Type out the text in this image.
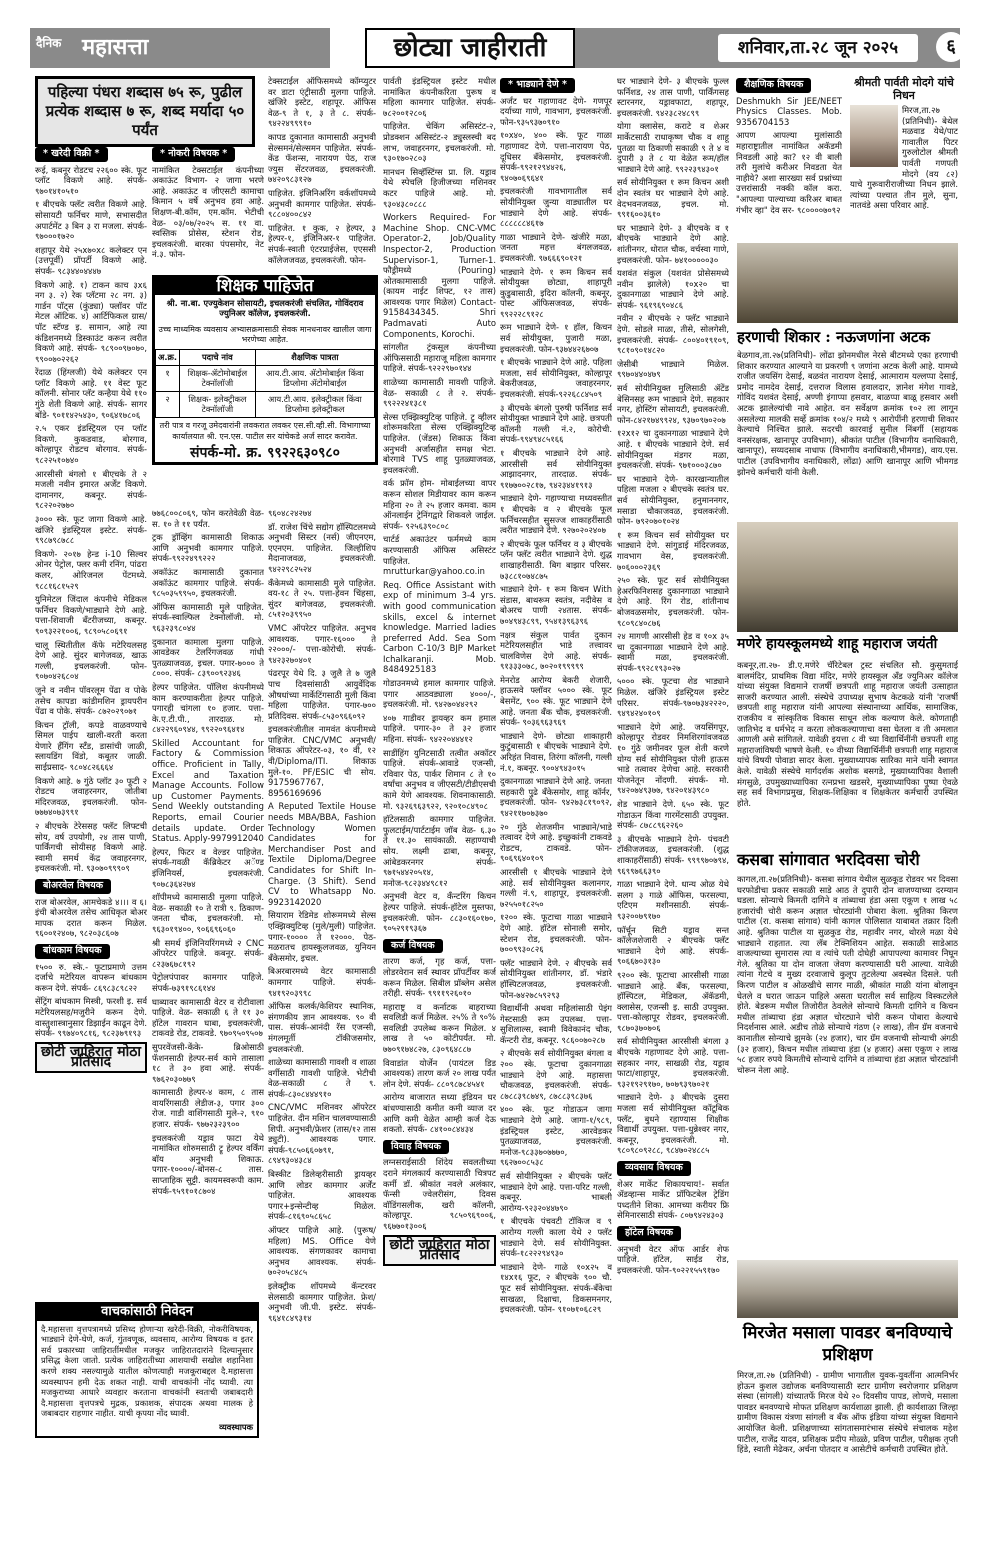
दैनिक महासत्ता	छोट्या जाहीराती	शनिवार,ता.२८ जून २०२५	६
पहिल्या पंधरा शब्दास ७५ रू, पुढील प्रत्येक शब्दास ७ रू, शब्द मर्यादा ५० पर्यंत
* खरेदी विक्री *

रूई, कबनूर रोडटच २२६०० स्के. फूट प्लॉट विकणे आहे. संपर्क- ९७०१४१०५१०

१ बीएचके फ्लॅट त्वरीत विकणे आहे. सोसायटी फर्निचर माणे, सभासदीत अपार्टमेंट ३ बिन ३ रा मजला. संपर्क- ९७०००१७२०

शहापूर येथे २५x७०x८ कलेक्टर एन (उत्तपूर्वी) प्रॉपर्टी विकणे आहे. संपर्क- ९८३४४०४४४७

विकणे आहे. १) टाकन काच ३x६ नग ३. २) रेक प्लॅटमा २८ नग. ३) गार्डन पॉट्स (कुंड्या) फ्लॉवर पॉट मेटल ऑटिक. ४) आर्टिफिकल ग्रास/पॉट स्टॅण्ड इ. सामान, आहे त्या कंडिशनमध्ये डिस्काउंट करून त्वरीत विकणे आहे. संपर्क- ९८९००९७०७०, ९९००७०२२६२

रेंदाळ (हिंग्लजी) येथे कलेक्टर एन प्लॉट विकणे आहे. ११ वेस्ट फूट कॉलनी. सोनार प्लॅट कन्हैया येथे ११० गुंठे शेती विकणे आहे. संपर्क- सागर बोंडे- ९०११४२५४३०, ९०६४१७८०६

२.५ एकर इंडस्ट्रियल एन प्लॉट विकणे. कुकडवाड, बोरगाव, कोल्हापूर रोडटच बोरगाव. संपर्क- ९८२२५१०७४०

आरसीसी बंगलो १ बीएचके ते २ मजली नवीन इमारत अर्जेंट विकणे. दामानगर, कबनूर. संपर्क- ९८२२०२७७०

३००० स्के. फूट जागा विकणे आहे. खंजिरे इंडस्ट्रियल इस्टेट. संपर्क- ९९८७९८७८८

विकणे- २०१७ हेन्ड i-10 सिल्वर ओनर पेट्रोल, फ्लर कमी रनिंग, पांढरा कलर, ओरिजनल पेंटमध्ये. ९८८१६८१५२९

युनिमेटल जिंदाल कंपनीचे मेडिकल फर्निचर विकणे/भाड्याने देणे आहे. पत्ता-शिवाजी बँटरीजच्या, कबनूर. ९०९३२२१००६, ९८९०५८०६९१

चालू स्थितीतील कॅफे मटेरियलसह देणे आहे. सुंदर बागेजवळ, खाऊ गल्ली, इचलकरंजी. फोन- ९०७०४२६८०४

जुने व नवीन पॉवरलूम पेंढा व पोके तसेच कापडा कांडीमशिन ड्रायपरीन पेंढा व पोके. संपर्क- ८७२०२९०७१

किचन ट्रॉली, कपडे वाळवण्याचे सिमल पाईप खाली-वरती करता येणारे हँगिंग स्टॅंड, डासांची जाळी, स्लायडिंग विंडो, कबूतर जाळी. साईप्रसाद- ९८०४८२६६६४

विकणे आहे. ७ गुंठे प्लॉट ३० फूटी २ रोडटच जवाहरनगर, जोतीबा मंदिरजवळ, इचलकरंजी. फोन- ७७७४०७३९९१

२ बीएचके टेरेससह फ्लॅट लिफ्टची सोय, वर्ष उपयोगी, २४ तास पाणी, पार्किंगची सोयीसह विकणे आहे. स्वामी समर्थ केंद्र जवाहरनगर, इचलकरंजी. मो. ९३०७०९९९०९

बोअरवेल विषयक

राज बोअरवेल, आमचेकडे ४।।। व ६। इंची बोअरवेल तसेच आधिकृत बोअर मापक दरात करून मिळेल. ९६००१२४०७, ९८२०३८६०७

बांधकाम विषयक

१५०० रु. स्के.- फूटाप्रमाणे उत्तम दर्जाचे मटेरियल वापरून बांधकाम करून देणे. संपर्क- ८६९८३८९८२२

सेंट्रिंग बांधकाम मिस्त्री, फरशी इ. सर्व मटेरियलसह/मजुरीने करून देणे. वास्तुशास्त्रानुसार डिझाईन काढून देणे. संपर्क- ९९७४०९८१६, ९८२३७९१९३

छोटी जाहिरात मोठा प्रतिसाद
* नोकरी विषयक *

नामांकित टेक्सटाईल कंपनीच्या अकाऊंट विभाग- २ जागा भरणे आहे. अकाऊंट व जीएसटी कामाचा किमान ५ वर्षे अनुभव हवा आहे. शिक्षण-बी.कॉम, एम.कॉम. भेटीची वेळ- ०३/०७/२०२५ स. ११ वा. स्वस्तिक प्रोसेस, स्टेशन रोड, इचलकरंजी. बारका पंपसमोर, नेट नं.३. फोन-

टेक्सटाईल ऑफिसमध्ये कॉम्प्युटर वर डाटा एंट्रीसाठी मुलगा पाहिजे. खंजिरे इस्टेट, शहापूर. ऑफिस वेळ-९ ते १, ३ ते ८. संपर्क- ९४२२४९९९१०

कापड दुकानात कामासाठी अनुभवी सेल्समनं/सेल्समन पाहिजेत. संपर्क-केंड फॅशन्स, नारायण पेठ, राज ज्युस सेंटरजवळ, इचलकरंजी. ७४२०९८३१२७

पाहिजेत. इंजिनिअरिंग वर्कशॉपमध्ये अनुभवी कामगार पाहिजेत. संपर्क- ९८८०४००८४२

पाहिजेत. १ कुक, २ हेल्पर, ३ हेल्पर-१, इंजिनिअर-१ पाहिजेत. संपर्क-स्वाती एंटरप्राईजेस, एएससी कॉलेजजवळ, इचलकरंजी. फोन-

शिक्षक पाहिजेत
श्री. ना.बा. एज्युकेशन सोसायटी, इचलकरंजी संचलित, गोविंदराव ज्युनिअर कॉलेज, इचलकरंजी.
उच्च माध्यमिक व्यवसाय अभ्यासक्रमासाठी सेवक मानधनावर खालील जागा भरणेच्या आहेत.
अ.क्र.	पदाचे नांव	शैक्षणिक पात्रता
१	शिक्षक-ॲटोमोबाईल टेक्नॉलॉजी	आय.टी.आय. ॲटोमोबाईल किंवा डिप्लोमा ॲटोमोबाईल
२	शिक्षक- इलेक्ट्रीकल टेक्नॉलॉजी	आय.टी.आय. इलेक्ट्रीकल किंवा डिप्लोमा इलेक्ट्रीकल
तरी पात्र व गरजू उमेदवारांनी लवकरात लवकर एस.सी.व्ही.सी. विभागाच्या कार्यालयात श्री. एन.एस. पाटील सर यांचेकडे अर्ज सादर करावेत.
संपर्क-मो. क्र. ९९२२६३०९८०

७७६८००८०६९, फोन करतेवेळी वेळ- स. १० ते ११ पर्यंत.

ट्रक ड्रॉव्हिंग कामासाठी शिकाऊ आणि अनुभवी कामगार पाहिजे. संपर्क-९९२२४९९२२२

अकॉऊंट कामासाठी दुकानात अकॉऊंट कामगार पाहिजे. संपर्क- ९८५०३५९९५०, इचलकरंजी.

ऑफिस कामासाठी मुले पाहिजेत. संपर्क-स्वाल्फिल टेक्नोलॉजी. मो. ९६३२३९८०४४

दुकानात कामाला मुलगा पाहिजे. आवडेकर टेलरिंगजवळ गांधी पुतळ्याजवळ, इचल. पगार-७००० ते ८०००. संपर्क- ८३९००९२३४६

हेल्पर पाहिजेत. पॉलिश कंपनीमध्ये काम करण्याकरीता हेल्पर पाहिजे. पगारही चांगला १० हजार. पत्ता-के.ए.टी.पी., तारदाळ. मो. ८४२२९६०९४४, ९९२२०९६४१४

Skilled Accountant for Factory & Commission office. Proficient in Tally, Excel and Taxation Manage Accounts. Follow up Customer Payments. Send Weekly outstanding Reports, email Courier details update. Order Status. Apply-9979912040

हेल्पर, फिटर व वेल्डर पाहिजेत. संपर्क-गवळी कॅब्रिकेटर अॅण्ड इंजिनियर्स, इचलकरंजी. ९०७८३६४२७४

शॉपीमध्ये कामासाठी मुलगा पाहिजे. वेळ- सकाळी १० ते रात्री ९. ठिकाण-जनता चौक, इचलकरंजी. मो. ९६३०१९४००, ९०६६९६०६०

श्री समर्थ इंजिनियरिंगमध्ये २ CNC ऑपरेटर पाहिजे. कबनूर. संपर्क- ८२३७६७८१९२

पेट्रोलपंपावर कामगार पाहिजे. संपर्क-७३९१९८६१४४

घाब्यावर कामासाठी वेटर व रोटीवाला पाहिजे. वेळ- सकाळी ६ ते ११ ३० हॉटेल गावरान घाबा, इचलकरंजी, टाकवडे रोड, टाकवडे. ९७०९५०९५०७

सुपरवेंजसी-केंके- ब्रिओसाठी फॅशनसाठी हेल्पर-सर्व कामे तासाला १८ ते ३० हवा आहे. संपर्क- ९७६२०३०७७९

कामासाठी हेल्पर-४ काम, ८ तास वायरिंगसाठी लेडीज-३, पगार ३०० रोज. गाडी वाशिंगसाठी मुले-२, ९१० हजार. संपर्क- ९७७२३२३९००

इचलकरंजी यड्राव फाटा येथे नामांकित शोरुमसाठी ट्रू हेल्पर वर्किंग बॉय अनुभवी शिकाऊ. पगार-१००००/-बोनस-८ तास. साप्ताहिक सुट्टी. कायमस्वरूपी काम. संपर्क-९५९१०१८७०४

९६०४८२४२७४

डॉ. राजेश चिंचे सद्योग हॉस्पिटलमध्ये अनुभवी सिस्टर (नर्स) जीएनएम, एएनएम. पाहिजेत. जिल्हीशिप मैदानाजवळ, इचलकरंजी. ९४२२९८२५२४

कँकेमध्ये कामासाठी मुले पाहिजेत. वय-१८ ते २५. पत्ता-हेवन चिंहसा, सुंदर बागेजवळ, इचलकरंजी. ८५१२०३९९५०

VMC ऑपरेटर पाहिजेत. अनुभव आवश्यक. पगार-१६००० ते २२०००/- पत्ता-कोरोची. संपर्क- ९४२३२७०४०१

पंढरपूर येथे दि. ३ जुलै ते ७ जुलै पाच दिवसांसाठी आयुर्वेदिक औषधांच्या मार्केटिंगसाठी मुली किंवा महिला पाहिजेत. पगार-७०० प्रतिदिवस. संपर्क-८५३०९६६०९२

इचलकरंजीतील नामवंत कंपनीमध्ये पाहिजेत. CNC/VMC अनुभवी/शिकाऊ ऑपरेटर-०३, १० वी, १२ वी/Diploma/ITI. शिकाऊ मुले-१०. PF/ESIC ची सोय. 9175967767, 8956169696

A Reputed Textile House needs MBA/BBA, Fashion Technology Women Candidates for Merchandiser Post and Textile Diploma/Degree Candidates for Shift In-Charge. (3 Shift). Send CV to Whatsapp No. 9923142020

सियाराम रेडिमेड शोरूममध्ये सेल्स एक्झिक्युटिव्ह (मुले/मुली) पाहिजेत. पगार-१०००० ते १२०००. पेठ-मळरातच हायस्कूलजवळ, युनियन बँकेसमोर, इचल.

बिअरबारमध्ये वेटर कामासाठी कामगार पाहिजे. संपर्क- ९४१९२०३९९८

ऑफिस कलर्क/केशियर स्थानिक, संगणकीय ज्ञान आवश्यक. ९० वी पास. संपर्क-आनंदी रॅस एजन्सी, मंगलमूर्ती टॉकीजसमोर, इचलकरंजी.

शाळेच्या कामासाठी गावशी व शाळा वर्गीसाठी गावशी पाहिजे. भेटीची वेळ-सकाळी ८ ते ९. संपर्क-८३०८४४४९१०

CNC/VMC मशिनवर ऑपरेटर पाहिजेत. दीन मशिन चालवण्यासाठी शिपी. अनुभवी/फ्रेशर (तास/१२ तास ड्युटी). आवश्यक पगार. संपर्क-९८५०६६०७९१, ८९४९३०४३८४

बिस्कीट डिलेव्हरीसाठी ड्रायव्हर आणि लोडर कामगार अर्जेंट पाहिजेत. आवश्यक पगार+इन्सेन्टीव्ह मिळेल. संपर्क-८१६९०५८६५८

ऑफ्टर पाहिजे आहे. (पुरूष/महिला) MS. Office येणे आवश्यक. संगणकावर कामाचा अनुभव आवश्यक. संपर्क- ७०२०५८४८५

इलेक्ट्रीक शॉपमध्ये कॅन्टरवर सेलसाठी कामगार पाहिजेत. फ्रेश/अनुभवी जी.पी. इस्टेट. संपर्क- ९६४१८४९३१४

वाचकांसाठी निवेदन

दै.महासत्ता वृत्तपत्रामध्ये प्रसिध्द होणाऱ्या खरेदी-विक्री, नोकरीविषयक, भाड्याने देणे-घेणे, कर्ज, गुंतवणूक, व्यवसाय, आरोग्य विषयक व इतर सर्व प्रकारच्या जाहिरातींमधील मजकूर जाहिरातदारांने दिल्यानुसार प्रसिद्ध केला जातो. प्रत्येक जाहिरातीच्या आशयाची सखोल शहानिशा करणे शक्य नसल्यामुळे यातील कोणत्याही मजकूराबद्दल दै.महासत्ता व्यवस्थापन हमी देऊ शकत नाही. याची वाचकांनी नोंद घ्यावी. त्या मजकुराच्या आधारे व्यवहार करताना वाचकांनी स्वतःची जबाबदारी दै.महासत्ता वृत्तपत्रचे मुद्रक, प्रकाशक, संपादक अथवा मालक हे जबाबदार राहणार नाहीत. याची कृपया नोंद घ्यावी.

व्यवस्थापक

पार्वती इंडस्ट्रियल इस्टेट मधील नामांकित कंपनीकरिता पुरूष व महिला कामगार पाहिजेत. संपर्क- ७८२००१२८०६

पाहिजेत. चेकिंग असिस्टंट-२, प्रोडक्शन असिस्टंट-२ ड्युस्लस्ची बद लाभ, जवाहरनगर, इचलकरंजी. मो. ९३०१७०२८०३

मानधन सिव्हॅस्टिंग्स प्रा. लि. यड्राव येथे स्पेचलि हिजीजच्या मशिनवर कटर पाहिजे आहे. मो. ९३०४३८०८८८

Workers Required- For Machine Shop. CNC-VMC Operator-2, Job/Quality Inspector-2, Production Supervisor-1, Turner-1. फौड्रीमध्ये (Pouring) ओतकामासाठी मुलगा पाहिजे. (कायम नाईट शिफ्ट, १२ तास) आवश्यक पगार मिळेल) Contact- 9158434345. Shri Padmavati Auto Components, Korochi.

सांगलीत ट्रंकसूल कंपनीच्या ऑफिससाठी महाराजू महिला कामगार पाहिजे. संपर्क-९२२२९७०१४४

शाळेच्या कामासाठी मावशी पाहिजे. वेळ- सकाळी ८ ते २. संपर्क- ९९२२२४१३८१

सेल्स एक्झिक्युटिव्ह पाहिजे. ट्रू व्हीलर शोरूमकरिता सेल्स एक्झिक्युटिव्ह पाहिजेत. (जेंडस) शिकाऊ किंवा अनुभवी अर्जासहीत समक्ष भेटा. बोरगावे TVS शाहू पुतळ्याजवळ, इचलकरंजी.

वर्क फ्रॉम होम- मोबाईलच्या वापर करून सोशल मिडीयावर काम करून महिना २० ते २५ हजार कमवा. काम ऑनलाईन ट्रेनिंगद्वारे शिकवले जाईल. संपर्क- ९२५६३९०८०८

चार्टर्ड अकाउंटर फर्ममध्ये काम करण्यासाठी ऑफिस असिस्टंट पाहिजेत. mrutturkar@yahoo.co.in

Req. Office Assistant with exp of minimum 3-4 yrs. with good communication skills, excel & internet knowledge. Married ladies preferred Add. Sea Som Carbon C-10/3 BJP Market Ichalkaranji. Mob. 8484925183

गोडाउनमध्ये हमाल कामगार पाहिजे. पगार आठवड्याला ४०००/-, इचलकरंजी. मो. ९४२७०४४२९२

४०७ गाडीवर ड्रायव्हर कम हमाल पाहिजे. पगार-३० ते ३२ हजार महिना. संपर्क- ९४२२०४४४१२

साडींहिंग युनिटसाठी तत्वीत अकॉटर पाहिजे. संपर्क-आवाडे एजन्सी, रविवार पेठ, पार्कर शिमान ८ ते १० वर्षांचा अनुभव व जीएसटी/टीडीएसची कामे येणे आवश्यक. शिवनाकासाठी. मो. ९३२६९६३९२२, ९२०१०८४९०८

हॉटेलसाठी कामगार पाहिजेत. फुलटाईम/पार्टटाईम जॉब वेळ- ६.३० ते ११.३० सायंकाळी. सहाण्याची सोय. लक्ष्मी ढाबा, कबनूर, आंबेडकरनगर संपर्क- ९७१५४४२०५१४, मनोज-९८२३४४९८१२

अनुभवी वेटर व, कँन्टरिंग किचन हेल्पर पाहिजे. संपर्क-हॉटेल मुस्तफा, इचलकरंजी. फोन- ८८३०१६०१७०, ९०५२९१९३६७

कर्ज विषयक

तारण कर्ज, गृह कर्ज, पत्ता-लोडरवेरान सर्व स्थावर प्रॉपर्टीवर कर्ज करून मिळेल. सिबील प्रॉब्लेम असेल तरीही. संपर्क- ९९११९२६०१०

महाराष्ट्र व कर्नाटक बाहराच्या सवलिडी कर्ज मिळेल. २५% ते ९०% सवलिडी उपलेब्ध करून मिळेल. ४ लाख ते ५० कोटीपर्यंत. मो. ७७०९१७४८२७, ८३०९६४८८७

विवाडांत योर्जेन (पायंटल डिड आवश्यक) तारण कर्ज २० लाख पर्यंत लोन देणे. संपर्क- ८८०९८७८४५४१

आरोग्य बाजारात सध्या इंडियन घर बांधण्यासाठी कमीत कमी व्याज दर आणि कमी वेळेत आम्ही कर्ज देऊ शकतो. संपर्क- ८४१००८४४३४

विवाह विषयक

लग्नसराईसाठी शिंदेय सवलतीच्या दराने मंगलकार्य करण्यासाठी चित्रपट कर्मी डॉ. श्रीकांत नवले अलंकार, फॅन्सी ज्वेलरीसंग, दिवस वॉडिंगसलीक, खरी कॉलनी, कोल्हापूर. ९८५०९६९००६, ९६७७०१३००६

छोटी जाहिरात मोठा प्रतिसाद
* भाड्याने देणे *

अर्जंट घर गहाणावट देणे- गणपूर दर्याच्या गाणे, गावभाग, इचलकरंजी. फोन-९३५९३७०९१०

१०x४०, ४०० स्के. फूट गाळा गहाणावट देणे. पत्ता-नारायण पेठ, दूधिसर बँकेसमोर, इचलकरंजी. संपर्क-९९२१२९४४२६, ९४०७०६९६४१

इचलकरंजी गावभागातील सर्व सोयीनियुक्त जुन्या वाड्यातील घर भाड्याने देणे आहे. संपर्क- ८८८८८८४६१७

गाळा भाड्याने देणे- खंजीरे मळा, जनता महत्त बंगलजवळ, इचलकरंजी. ९७६६६९०१२१

भाड्याने देणे- १ रूम किचन सर्व सोयीयुक्त छोट्या, शाहापूरी कुडुबासाठी, इदिरा कॉलनी, कबनूर, पोस्ट ऑफिसजवळ, संपर्क- ९९२२२८९१२८

रूम भाड्याने देणे- १ हॉल, किचन सर्व सोयीयुक्त, पुजारी मळा, इचलकरंजी. फोन-९३७४४२६७०७

१ बीएचके भाड्याने देणे आहे. पहिला मजला, सर्व सोयीनियुक्त, कोल्हापूर बेकरीजवळ, जवाहरनगर, इचलकरंजी. संपर्क-९२२६८८४५०९

३ बीएचके बंगलो पुरुषी फर्निशड सर्व सोयीयुक्त भाड्याने देणे आहे. छत्रपती कॉलनी गल्ली नं.२, कोरोची. संपर्क-९९४९४८५१६६

१ बीएचके भाड्याने देणे आहे. आरसीसी सर्व सोयीनियुक्त आझादनगर, तारदाळ. संपर्क- ९१७७००२८१७, ९४२३४४१९१३

भाड्याने देणे- गहाण्याचा मध्यवस्तीत १ बीएचके व २ बीएचके फूल फर्निचरसहीत सुसज्ज शाकाहरींसाठी त्वरीत भाड्याने देणे. ९२७०२०२४०७

२ बीएचके फूल फर्निचर व ३ बीएचके प्लॅन फ्लॅट त्वरीत भाड्याने देणे. शुद्ध शाखाहरीसाठी. बिग बाझार परिसर. ७३८८१०७४८७५

भाड्याने देणे- १ रूम किचन With संडास, बाथरूम स्वतंत्र, नदीवेस व बोअरच पाणी २४तास. संपर्क- ७०४९४३८९९, ९५४१३९६३९६

नक्षत्र संकुल पार्वत दुकान मटेरियलसहीत भाडे तत्त्वावर चालविणेस देणे आहे. संपर्क- ९१३३३०७८, ७०२०१९९९९९

मेनरोड आरोग्य बेकरी शेजारी, हाऊसवे फ्लॉवर ५००० स्के. फूट बेसमेंट, ९०० स्के. फूट भाड्याने देणे आहे. जनता बँक चौक, इचलकरंजी. संपर्क- ९०३६९६३९६९

भाड्याने देणे- छोट्या शाकाहारी कुटुंबासाठी १ बीएचके भाड्याने देणे. अरिहंत निवास, तिरंगा कॉलनी, गल्ली नं.१, कबनूर. ९००४९४३०१५

दुकानगाळा भाड्याने देणे आहे. जनता सहकारी पुढे बँकेसमोर, शाहू कॉर्नर, इचलकरंजी. फोन- ९४२७३८१९०९२, ९४२११७०७३७०

२० गुंठे शेतजमीन भाड्याने/भाडे तत्वावर देणे आहे. इच्छुकांनी टाकवडे रोडटच, टाकवडे. फोन- ९०६९६४०१०९

आरसीसी १ बीएचके भाड्याने देणे आहे. सर्व सोयीनियुक्त कलानगर, गल्ली नं.९, शाहापूर, इचलकरंजी. ७२५५०१८२५०

१२०० स्के. फूटाचा गाळा भाड्याने देणे आहे. हॉटेल सोनाली समोर, स्टेशन रोड, इचलकरंजी. फोन- ७००९९३०८२६

फ्लॅट भाड्याने देणे. २ बीएचके सर्व सोयीनियुक्त शांतीनगर, डॉ. भंडारे हॉस्पिटलजवळ, इचलकरंजी. फोन-७४२७८५९२९३

विद्यार्थीनी अथवा महिलांसाठी पेइंग गेस्टसाठी रूम उपलब्ध. पत्ता-सुशिलाल्स, स्वामी विवेकानंद चौक, कॅन्टरी रोड, कबनूर. ९८६००७०२८७

२ बीएचके सर्व सोयीनियुक्त बंगला व २०० स्के. फूटाचा दुकानगाळा भाड्याने देणे आहे. महासत्ता चौकजवळ, इचलकरंजी. संपर्क- ८७८८३९८७४९, ८७८८३९८३७६

४०० स्के. फूट गोडाऊन जागा भाड्याने देणे आहे. जागा-१/९८९, इंडस्ट्रियल इस्टेट, आरवेडकर पुतळ्याजवळ, इचलकरंजी. मनोज-९८३३७०७७७०, ९६२७००८५३८

सर्व सोयीनियुक्त २ बीएचके फ्लॅट भाड्याने देणे आहे. पत्ता-परिट गल्ली, कबनूर. भाबली आरोग्य-९२३२०४४७९०

१ बीएचके पंचवटी टॉकिज व ९ आरोग्य गल्ली काला येथे २ फ्लॅट भाड्याने देणे. सर्व सोयीनियुक्त. संपर्क-१८२२२९४९३०

भाड्याने देणे- गाळे १०x२५ व १४x१६ फूट, २ बीएचके ९०० चौ. फूट सर्व सोयीनियुक्त. संपर्क-बँकेचा साखळा, दिक्षाचा, डिकसमनगर, इचलकरंजी. फोन- ९१०७१०६८२९

घर भाड्याने देणे- ३ बीएचके फुल्ल फर्निशड, २४ तास पाणी, पार्किंगसह स्टारनगर, यड्रावफाटा, शहापूर, इचलकरंजी. ९४२३८२४८९९

योगा क्लासेस, कराटे व शेअर मार्केटसाठी राधाकृष्ण चौक व शाहू पुतळा या ठिकाणी सकाळी ९ ते ४ व दुपारी ३ ते ८ या वेळेत रूम/हॉल भाड्याने देणे आहे. ९९२२३९४३०१

सर्व सोयीनियुक्त १ रूम किचन अशी दोन स्वतंत्र घर भाड्याने देणे आहे. वेदभवनजवळ, इचल. मो. ९९१६००३६१०

घर भाड्याने देणे- ३ बीएचके व १ बीएचके भाड्याने देणे आहे. शांतीनगर, धोरात चौक, वर्चस्वा गाणे, इचलकरंजी. फोन- ७४१०००००३०

यशवंत संकुल (यशवंत प्रोसेसमध्ये नवीन झालेले) १०x२० चा दुकानगाळा भाड्याने देणे आहे. संपर्क- ९६१९६९०४८६

नवीन २ बीएचके २ फ्लॅट भाड्याने देणे. सोडले माळा, तीसे, सोलगेसी, इचलकरंजी. संपर्क- ८००४०१९१०९, ९८१०९०१४८२०

जेसीबी भाड्याने मिळेल. ९९७०४४०४७९

सर्व सोयीनियुक्त मुलिसाठी ॲटेंड बेसिनसह रूम भाड्याने देणे. सहकार नगर, होस्टिंग सोसायटी, इचलकरंजी. फोन-८४२१७४९९२४, ९३७०९७०२०७

१२x१२ चा दुकानगाळा भाड्याने देणे आहे. १ बीएचके भाड्याने देणे. सर्व सोयीनियुक्त मंडगर मळा, इचलकरंजी. संपर्क- ९७१०००३८७०

घर भाड्याने देणे- कारखान्यातील पहिला मजला २ बीएचके स्वतंत्र घर. सर्व सोयीनियुक्त, हनुमाननगर, मसाडा चौकाजवळ, इचलकरंजी. फोन- ७९२०७०१०२४

१ रूम किचन सर्व सोयीयुक्त घर भाड्याने देणे. सांगुडाई मंदिरजवळ, गावभाग वेस, इचलकरंजी. ७०६०००२३६९

२५० स्के. फूट सर्व सोयीनियुक्त हेअरफिनिशसह दुकानगाळा भाड्याने देणे आहे. रिंग रोड, शांतीनाथ बोजवळसमोर, इचलकरंजी. फोन- ९८०९८४०८७६

२४ मागणी आरसीसी हेड व १०x ३५ चा दुकानगाळा भाड्याने देणे आहे. स्वामी मळा, इचलकरंजी. संपर्क-९९२८१९३०२७

५००० स्के. फूटचा शेड भाड्याने मिळेल. खंजिरे इंडस्ट्रियल इस्टेट परिसर. संपर्क-९७०७३४२२२०, ९४९४२४०१०९

भाड्याने देणे आहे. जयसिंगपूर, कोल्हापूर रोडवर निमशिरगांवजवळ १० गुंठे जमीनवर फूल शेती करणे योग्य सर्व सोयीनियुक्त पोली हाऊस भाडे तत्वावर देणेचा आहे. सरकारी योजनेतून नोंदणी. संपर्क- मो. ९४२०७४९३७७, ९४२०१४३९८०

शेड भाड्याने देणे. ६५० स्के. फूट गोडाऊन किंवा गारमेंटसाठी उपयुक्त. संपर्क- ८७८८९६२२६०

३ बीएचके भाड्याने देणे- पंचवटी टॉकीजजवळ, इचलकरंजी. (शुद्ध शाकाहरींसाठी) संपर्क- ९९९९७०७९४, ९६९९७६६३९०

गाळा भाड्याने देणे. धान्य ओळ येथे सलग ३ गाळे ऑफिस, फरसल्या, एटिएम मशीनसाठी. संपर्क- ९३२००७९१७०

फॉर्चून सिटी यड्राव सन्त कॉलेजशेजारी २ बीएचके फ्लॅट भाड्याने देणे आहे. संपर्क- ९०६६७०३१३०

९२०० स्के. फूटाचा आरसीसी गाळा भाड्याने आहे. बँक, फरसल्या, हॉस्पिटल, मेडिकल, ॲकॅडमी, क्लासेस, एजन्सी इ. साठी उपयुक्त. पत्ता-कोल्हापूर रोडवर, इचलकरंजी. ९८७०३७०७०६

सर्व सोयीनियुक्त आरसीसी बंगला ३ बीएचके गहाणावट देणे आहे. पत्ता-सहकार नगर, साखळी रोड, यड्राव फाटा/शाहापूर, इचलकरंजी. ९३२१९२९१७०, ७०७९३९७०२१

भाड्याने देणे- ३ बीएचके दुसरा मजला सर्व सोयीनियुक्त कॉटूबिक फ्लॅट, बुधने रहाण्यास शिक्षीक विद्यार्थी उपयुक्त. पत्ता-धुन्नेश्वर नगर, कबनूर, इचलकरंजी. मो. ९८०९८०९२८८, ९८४७०२४८८५

व्यवसाय विषयक

शेअर मार्केट शिकायचाय!- सर्वात ॲडव्हान्स मार्केट प्रॉफिटबेल ट्रेडिंग पध्दतीने शिका. आमच्या करीयर फ्रि सेमिनारसाठी संपर्क- ८०७९४२४३०३

हॉटेल विषयक

अनुभवी वेटर ऑफ आर्डर शेफ पाहिजे. हॉटेल, साईड रोड, इचलकरंजी. फोन-९०२२१५५९१७०

शैक्षणिक विषयक

Deshmukh Sir JEE/NEET Physics Classes. Mob. 9356704153

आपण आपल्या मुलांसाठी महाराष्ट्रातील नामांकित अकॅडमी निवडली आहे का? १२ वी बाली तरी मुलांचे करीअर निवडता येत नाहीये? अशा सारख्या सर्व प्रश्नांच्या उत्तरांसाठी नक्की कॉल करा. "आपल्या पाल्याच्या करिअर बाबत गंभीर व्हा" देव सर- ९८००००७०९२

श्रीमती पार्वती मोदगे यांचे निधन

मिरज,ता.२७ (प्रतिनिधी)- बेथेल मळवाड येथे/पाट गावातील पिटर गुरुलोटोल श्रीमती पार्वती गणपती मोदगे (वय ८२) याचे गुरूवारीराजीच्या निधन झाले. त्यांच्या पश्चात तीन मुले, सुना, नातवंडे असा परिवार आहे.

हरणाची शिकार : नऊजणांना अटक

बेळगाव,ता.२७(प्रतिनिधी)- लोंढा झोनमधील नेरसे बीटमध्ये एका हरणाची शिकार करण्यात आल्याने या प्रकरणी ९ जणांना अटक केली आहे. यामध्ये राजीत जयसिंग देसाई, बळवंत नारायण देसाई, आत्माराम यल्लप्पा देसाई, प्रमोद नामदेव देसाई, दत्तराज विलास हवालदार, ज्ञानेश मंगेश गावडे, गोविंद यशवंत देसाई, अण्णी इंगाप्पा हसवार, बाळप्पा बाळू हसवार अशी अटक झालेल्यांची नावे आहेत. वन सर्वेक्षण क्रमांक १०२ ला लागून असलेल्या मालकी सर्व्हे क्रमांक १०४/२ मध्ये ९ आरोपींनी हरणाची शिकार केल्याचे निश्चित झाले. सदरची कारवाई सुनील निंबर्गी (सहायक वनसंरक्षक, खानापूर उपविभाग), श्रीकांत पाटील (विभागीय वनाधिकारी, खानापूर), सय्यदसाब नाधाफ (विभागीय वनाधिकारी,भीमगड), वाय.एस. पाटील (उपविभागीय वनाधिकारी, लोंढा) आणि खानापूर आणि भीमगड झोनचे कर्मचारी यांनी केली.

मणेरे हायस्कूलमध्ये शाहू महाराज जयंती

कबनूर,ता.२७- डी.ए.मणेरे चॅरिटेबल ट्रस्ट संचलित सौ. कुसुमताई बालमंदिर, प्राथमिक विद्या मंदिर, मणेरे हायस्कूल अँड ज्युनिअर कॉलेज यांच्या संयुक्त विद्यमाने राजर्षी छत्रपती शाहू महाराज जयंती उत्साहात साजरी करण्यात आली. संस्थेचे उपाध्यक्ष सुभाष केटकळे यांनी 'राजर्षी छत्रपती शाहू महाराज यांनी आपल्या संस्थानाच्या आर्थिक, सामाजिक, राजकीय व सांस्कृतिक विकास साधून लोक कल्याण केले. कोणताही जातिभेद व धर्मभेद न करता लोककल्याणाचा वसा घेतला व ती अमलात आणली असे सांगितले. यावेळी इयत्ता ८ वी च्या विद्यार्थिनींनी छत्रपती शाहू महाराजांविषयी भाषणे केली. १० वीच्या विद्यार्थिनींनी छत्रपती शाहू महाराज यांचे विषयी पोवाडा सादर केला. मुख्याध्यापक सारिका माने यांनी स्वागत केले. यावेळी संस्थेचे मार्गदर्शक अशोक बसगडे, मुख्याध्यापिका वैशाली मंगसुळे, उपमुख्याध्यापिका रत्नप्रभा खडसरे, मुख्याध्यापिका पुष्पा ऐवळे सह सर्व विभागप्रमुख, शिक्षक-शिक्षिका व शिक्षकेतर कर्मचारी उपस्थित होते.

कसबा सांगावात भरदिवसा चोरी

कागल,ता.२७(प्रतिनिधी)- कसबा सांगाव येथील सुळकूड रोडवर भर दिवसा घरफोडीचा प्रकार सकाळी साडे आठ ते दुपारी दोन वाजण्याच्या दरम्यान घडला. सोन्याचे किमती दागिने व तांब्याचा हंडा असा एकूण १ लाख ५८ हजारांची चोरी करून अज्ञात चोरट्यांनी पोबारा केला. श्रुतिका किरण पाटील (रा. कसबा सांगाव) यांनी कागल पोलिसात याबाबत तक्रार दिली आहे. श्रुतिका पाटील या सुळकुड रोड, महावीर नगर, थोरले मळा येथे भाड्याने राहतात. त्या लॅब टेक्निशियन आहेत. सकाळी साडेआठ वाजल्याच्या सुमारास त्या व त्यांचे पती दोघेही आपापल्या कामावर निघून गेले. श्रुतिका या दोन वाजता जेवण करण्यासाठी घरी आल्या. यावेळी त्यांना गेटचे व मुख्य दरवाजाचे कुलूप तुटलेल्या अवस्थेत दिसले. पती किरण पाटील व ओळखीचे सागर माळी, श्रीकांत माळी यांना बोलावून घेतले व घरात जाऊन पाहिले असता घरातील सर्व साहित्य विस्कटलेले होते. बेडरूम मधील तिजोरीत ठेवलेले सोन्याचे किमती दागिने व किचन मधील तांब्याचा हंडा अज्ञात चोरट्याने चोरी करून पोबारा केल्याचे निदर्शनास आले. अडीच तोळे सोन्याचे गंठण (२ लाख), तीन ग्रॅम वजनाचे कानातील सोन्याचे झुमके (२४ हजार), चार ग्रॅम वजनाची सोन्याची अंगठी (३२ हजार), किचन मधील तांब्याचा हंडा (४ हजार) असा एकूण २ लाख ५८ हजार रुपये किमतीचे सोन्याचे दागिने व तांब्याचा हंडा अज्ञात चोरट्यांनी चोरून नेला आहे.

मिरजेत मसाला पावडर बनविण्याचे प्रशिक्षण

मिरज,ता.२७ (प्रतिनिधी) - ग्रामीण भागातील युवक-युवतींना आत्मनिर्भर होऊन कुशल उद्योजक बनविण्यासाठी स्टार ग्रामीण स्वरोजगार प्रशिक्षण संस्था (सांगली) यांच्यातर्फे मिरज येथे २० दिवसीय पापड, लोणचे, मसाला पावडर बनवण्याचे मोफत प्रशिक्षण कार्यशाळा झाली. ही कार्यशाळा जिल्हा ग्रामीण विकास यंत्रणा सांगली व बँक ऑफ इंडिया यांच्या संयुक्त विद्यमाने आयोजित केली. प्रशिक्षणाच्या सांगतासमारंभास संस्थेचे संचालक महेश पाटील, राजेंद्र यादव, प्रशिक्षक प्रदीप मोळ्ळे, प्रविण पाटील, परीक्षक तृप्ती हिंडे, स्वाती मेढेकर, अर्चना पोतदार व आसेटीचे कर्मचारी उपस्थित होते.
